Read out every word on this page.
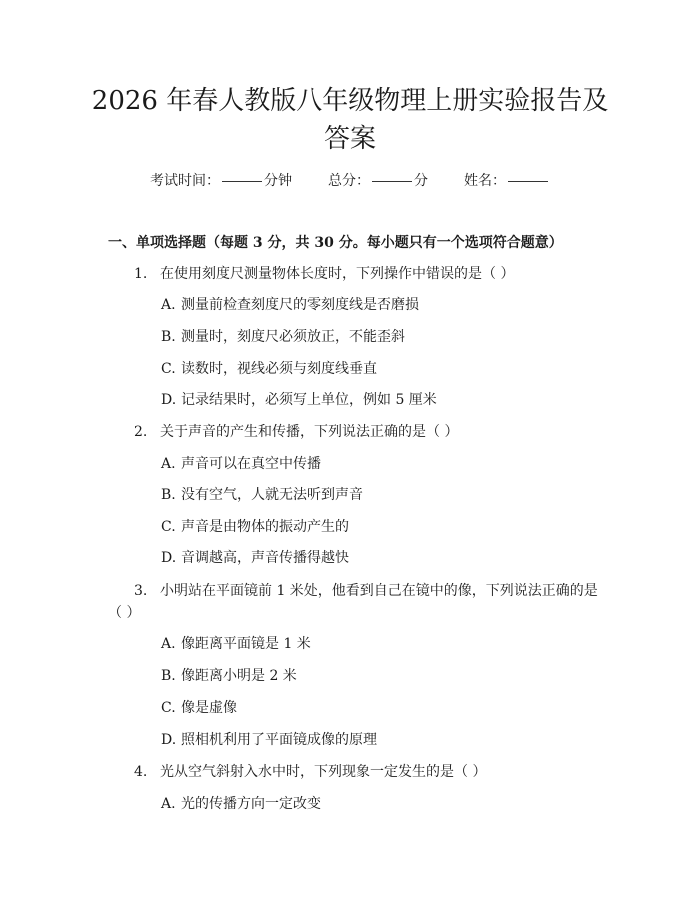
2026 年春人教版八年级物理上册实验报告及
答案
考试时间：	分钟	总分：	分	姓名：
一、单项选择题（每题 3 分，共 30 分。每小题只有一个选项符合题意）
1. 在使用刻度尺测量物体长度时，下列操作中错误的是（ ）
A. 测量前检查刻度尺的零刻度线是否磨损
B. 测量时，刻度尺必须放正，不能歪斜
C. 读数时，视线必须与刻度线垂直
D. 记录结果时，必须写上单位，例如 5 厘米
2. 关于声音的产生和传播，下列说法正确的是（ ）
A. 声音可以在真空中传播
B. 没有空气，人就无法听到声音
C. 声音是由物体的振动产生的
D. 音调越高，声音传播得越快
3. 小明站在平面镜前 1 米处，他看到自己在镜中的像，下列说法正确的是
（ ）
A. 像距离平面镜是 1 米
B. 像距离小明是 2 米
C. 像是虚像
D. 照相机利用了平面镜成像的原理
4. 光从空气斜射入水中时，下列现象一定发生的是（ ）
A. 光的传播方向一定改变
